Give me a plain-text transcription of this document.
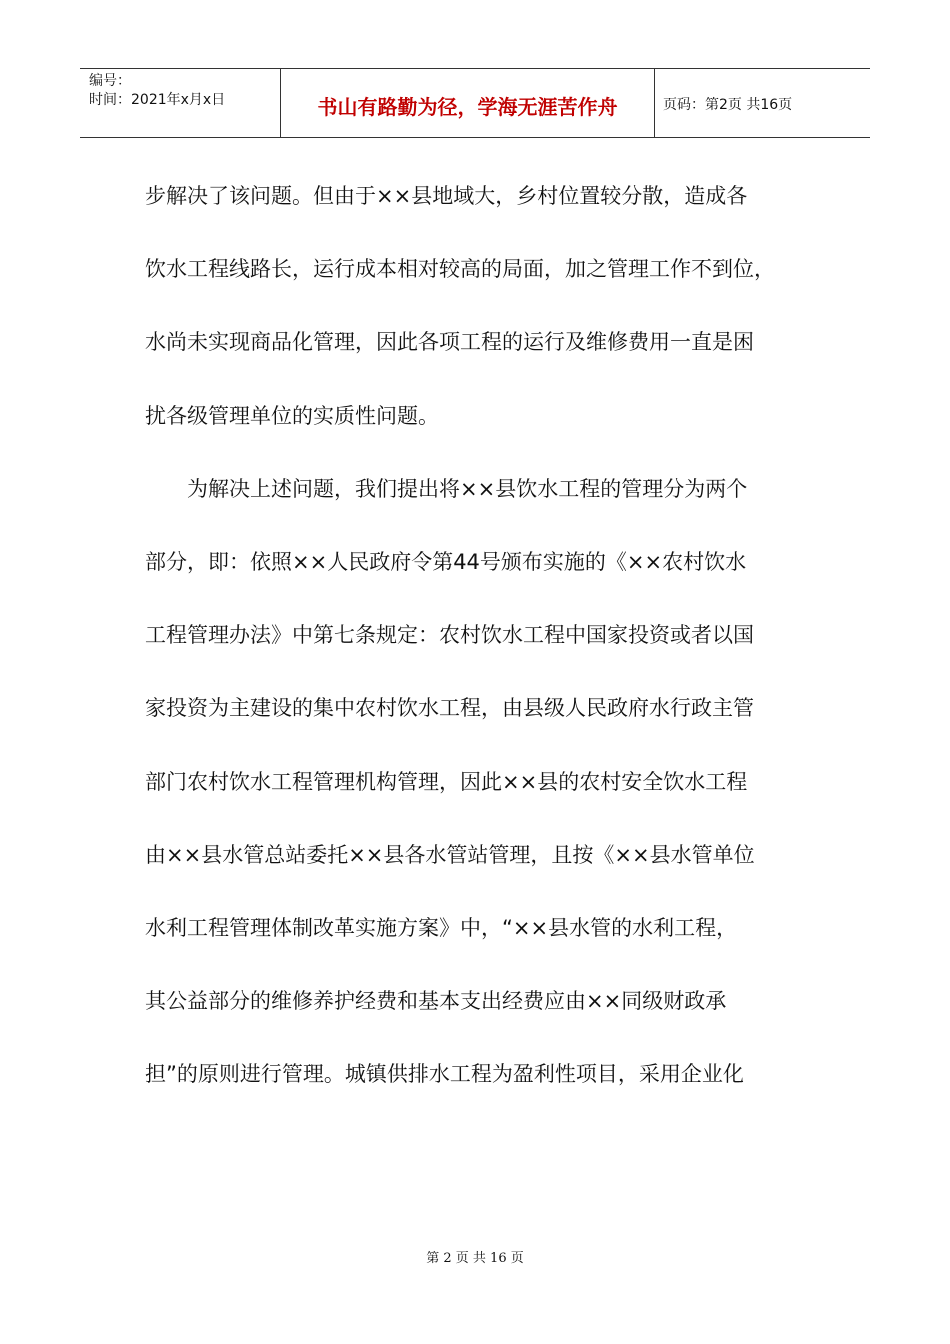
编号：
时间：2021年x月x日	书山有路勤为径，学海无涯苦作舟	页码：第2页 共16页
步解决了该问题。但由于××县地域大，乡村位置较分散，造成各
饮水工程线路长，运行成本相对较高的局面，加之管理工作不到位，
水尚未实现商品化管理，因此各项工程的运行及维修费用一直是困
扰各级管理单位的实质性问题。
　　为解决上述问题，我们提出将××县饮水工程的管理分为两个
部分，即：依照××人民政府令第44号颁布实施的《××农村饮水
工程管理办法》中第七条规定：农村饮水工程中国家投资或者以国
家投资为主建设的集中农村饮水工程，由县级人民政府水行政主管
部门农村饮水工程管理机构管理，因此××县的农村安全饮水工程
由××县水管总站委托××县各水管站管理，且按《××县水管单位
水利工程管理体制改革实施方案》中，“××县水管的水利工程，
其公益部分的维修养护经费和基本支出经费应由××同级财政承
担”的原则进行管理。城镇供排水工程为盈利性项目，采用企业化
第 2 页 共 16 页
